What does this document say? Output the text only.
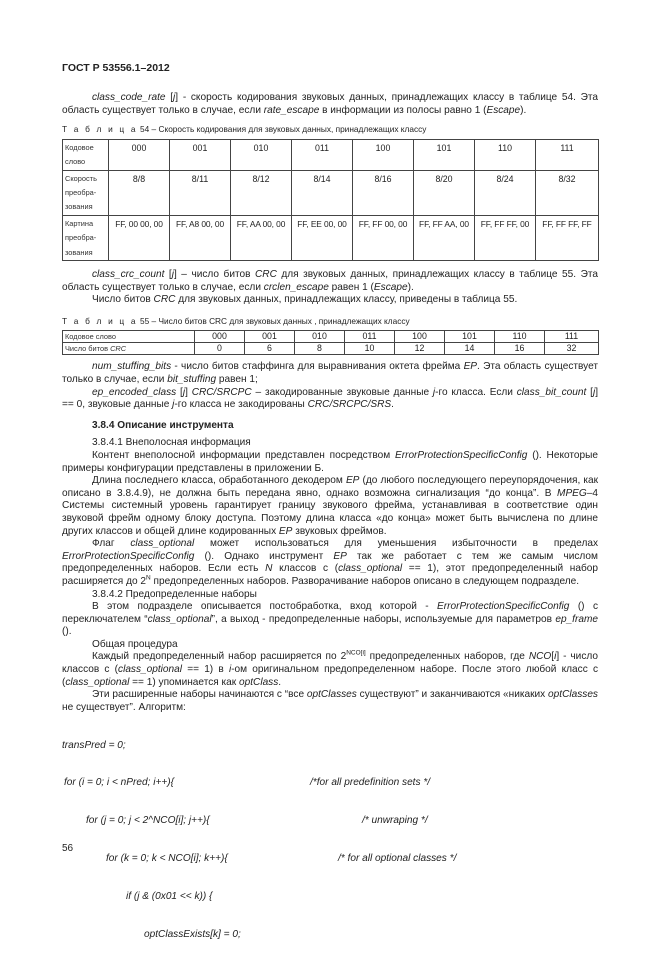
ГОСТ Р 53556.1–2012

class_code_rate [j] - скорость кодирования звуковых данных, принадлежащих классу в таблице 54. Эта область существует только в случае, если rate_escape в информации из полосы равно 1 (Escape).

Т а б л и ц а 54 – Скорость кодирования для звуковых данных, принадлежащих классу
Кодовое
слово	000	001	010	011	100	101	110	111

Скорость
преобра-
зования	8/8	8/11	8/12	8/14	8/16	8/20	8/24	8/32

Картина
преобра-
зования	FF, 00 00, 00	FF, A8 00, 00	FF, AA 00, 00	FF, EE 00, 00	FF, FF 00, 00	FF, FF AA, 00	FF, FF FF, 00	FF, FF FF, FF

class_crc_count [j] – число битов CRC для звуковых данных, принадлежащих классу в таблице 55. Эта область существует только в случае, если crclen_escape равен 1 (Escape).

Число битов CRC для звуковых данных, принадлежащих классу, приведены в таблица 55.

Т а б л и ц а 55 – Число битов CRC для звуковых данных , принадлежащих классу
Кодовое слово	000	001	010	011	100	101	110	111
Число битов CRC	0	6	8	10	12	14	16	32

num_stuffing_bits - число битов стаффинга для выравнивания октета фрейма EP. Эта область существует только в случае, если bit_stuffing равен 1;

ep_encoded_class [j] CRC/SRCPC – закодированные звуковые данные j-го класса. Если class_bit_count [j] == 0, звуковые данные j-го класса не закодированы CRC/SRCPC/SRS.

3.8.4 Описание инструмента

3.8.4.1 Внеполосная информация

Контент внеполосной информации представлен посредством ErrorProtectionSpecificConfig (). Некоторые примеры конфигурации представлены в приложении Б.

Длина последнего класса, обработанного декодером EP (до любого последующего переупорядочения, как описано в 3.8.4.9), не должна быть передана явно, однако возможна сигнализация “до конца”. В MPEG–4 Системы системный уровень гарантирует границу звукового фрейма, устанавливая в соответствие один звуковой фрейм одному блоку доступа. Поэтому длина класса «до конца» может быть вычислена по длине других классов и общей длине кодированных EP звуковых фреймов.

Флаг class_optional может использоваться для уменьшения избыточности в пределах ErrorProtectionSpecificConfig (). Однако инструмент EP так же работает с тем же самым числом предопределенных наборов. Если есть N классов с (class_optional == 1), этот предопределенный набор расширяется до $2^N$ предопределенных наборов. Разворачивание наборов описано в следующем подразделе.

3.8.4.2 Предопределенные наборы

В этом подразделе описывается постобработка, вход которой - ErrorProtectionSpecificConfig () с переключателем “class_optional”, а выход - предопределенные наборы, используемые для параметров ep_frame ().

Общая процедура

Каждый предопределенный набор расширяется по $2^{NCO[i]}$ предопределенных наборов, где NCO[i] - число классов с (class_optional == 1) в i-ом оригинальном предопределенном наборе. После этого любой класс с (class_optional == 1) упоминается как optClass.

Эти расширенные наборы начинаются с “все optClasses существуют” и заканчиваются «никаких optClasses не существует”. Алгоритм:

transPred = 0;

for (i = 0; i < nPred; i++){	/*for all predefinition sets */

for (j = 0; j < 2^NCO[i]; j++){	/* unwraping */

for (k = 0; k < NCO[i]; k++){	/* for all optional classes */

if (j & (0x01 << k)) {

optClassExists[k] = 0;

56
